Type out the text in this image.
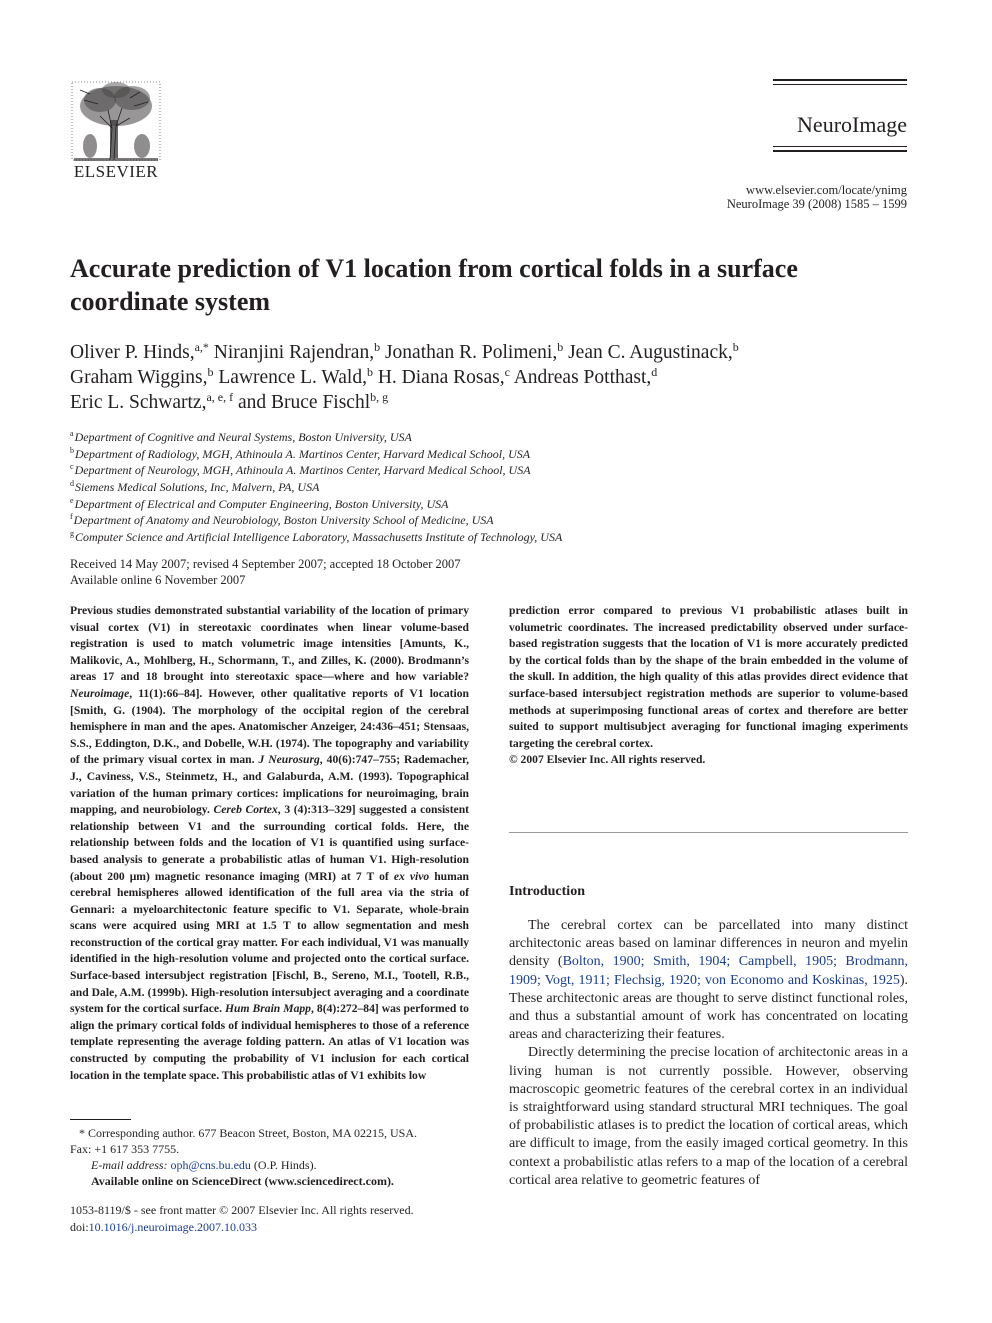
ELSEVIER
NeuroImage
www.elsevier.com/locate/ynimg
NeuroImage 39 (2008) 1585 – 1599
Accurate prediction of V1 location from cortical folds in a surface coordinate system
Oliver P. Hinds,$^{a,*}$ Niranjini Rajendran,$^b$ Jonathan R. Polimeni,$^b$ Jean C. Augustinack,$^b$
Graham Wiggins,$^b$ Lawrence L. Wald,$^b$ H. Diana Rosas,$^c$ Andreas Potthast,$^d$
Eric L. Schwartz,$^{a, e, f}$ and Bruce Fischl$^{b, g}$
$^a$Department of Cognitive and Neural Systems, Boston University, USA
$^b$Department of Radiology, MGH, Athinoula A. Martinos Center, Harvard Medical School, USA
$^c$Department of Neurology, MGH, Athinoula A. Martinos Center, Harvard Medical School, USA
$^d$Siemens Medical Solutions, Inc, Malvern, PA, USA
$^e$Department of Electrical and Computer Engineering, Boston University, USA
$^f$Department of Anatomy and Neurobiology, Boston University School of Medicine, USA
$^g$Computer Science and Artificial Intelligence Laboratory, Massachusetts Institute of Technology, USA
Received 14 May 2007; revised 4 September 2007; accepted 18 October 2007
Available online 6 November 2007
Previous studies demonstrated substantial variability of the location of primary visual cortex (V1) in stereotaxic coordinates when linear volume-based registration is used to match volumetric image intensities [Amunts, K., Malikovic, A., Mohlberg, H., Schormann, T., and Zilles, K. (2000). Brodmann’s areas 17 and 18 brought into stereotaxic space—where and how variable? Neuroimage, 11(1):66–84]. However, other qualitative reports of V1 location [Smith, G. (1904). The morphology of the occipital region of the cerebral hemisphere in man and the apes. Anatomischer Anzeiger, 24:436–451; Stensaas, S.S., Eddington, D.K., and Dobelle, W.H. (1974). The topography and variability of the primary visual cortex in man. J Neurosurg, 40(6):747–755; Rademacher, J., Caviness, V.S., Steinmetz, H., and Galaburda, A.M. (1993). Topographical variation of the human primary cortices: implications for neuroimaging, brain mapping, and neurobiology. Cereb Cortex, 3 (4):313–329] suggested a consistent relationship between V1 and the surrounding cortical folds. Here, the relationship between folds and the location of V1 is quantified using surface-based analysis to generate a probabilistic atlas of human V1. High-resolution (about 200 μm) magnetic resonance imaging (MRI) at 7 T of ex vivo human cerebral hemispheres allowed identification of the full area via the stria of Gennari: a myeloarchitectonic feature specific to V1. Separate, whole-brain scans were acquired using MRI at 1.5 T to allow segmentation and mesh reconstruction of the cortical gray matter. For each individual, V1 was manually identified in the high-resolution volume and projected onto the cortical surface. Surface-based intersubject registration [Fischl, B., Sereno, M.I., Tootell, R.B., and Dale, A.M. (1999b). High-resolution intersubject averaging and a coordinate system for the cortical surface. Hum Brain Mapp, 8(4):272–84] was performed to align the primary cortical folds of individual hemispheres to those of a reference template representing the average folding pattern. An atlas of V1 location was constructed by computing the probability of V1 inclusion for each cortical location in the template space. This probabilistic atlas of V1 exhibits low
prediction error compared to previous V1 probabilistic atlases built in volumetric coordinates. The increased predictability observed under surface-based registration suggests that the location of V1 is more accurately predicted by the cortical folds than by the shape of the brain embedded in the volume of the skull. In addition, the high quality of this atlas provides direct evidence that surface-based intersubject registration methods are superior to volume-based methods at superimposing functional areas of cortex and therefore are better suited to support multisubject averaging for functional imaging experiments targeting the cerebral cortex.
© 2007 Elsevier Inc. All rights reserved.
* Corresponding author. 677 Beacon Street, Boston, MA 02215, USA.
Fax: +1 617 353 7755.
E-mail address: oph@cns.bu.edu (O.P. Hinds).
Available online on ScienceDirect (www.sciencedirect.com).
1053-8119/$ - see front matter © 2007 Elsevier Inc. All rights reserved.
doi:10.1016/j.neuroimage.2007.10.033
Introduction

The cerebral cortex can be parcellated into many distinct architectonic areas based on laminar differences in neuron and myelin density (Bolton, 1900; Smith, 1904; Campbell, 1905; Brodmann, 1909; Vogt, 1911; Flechsig, 1920; von Economo and Koskinas, 1925). These architectonic areas are thought to serve distinct functional roles, and thus a substantial amount of work has concentrated on locating areas and characterizing their features.

Directly determining the precise location of architectonic areas in a living human is not currently possible. However, observing macroscopic geometric features of the cerebral cortex in an individual is straightforward using standard structural MRI techniques. The goal of probabilistic atlases is to predict the location of cortical areas, which are difficult to image, from the easily imaged cortical geometry. In this context a probabilistic atlas refers to a map of the location of a cerebral cortical area relative to geometric features of
